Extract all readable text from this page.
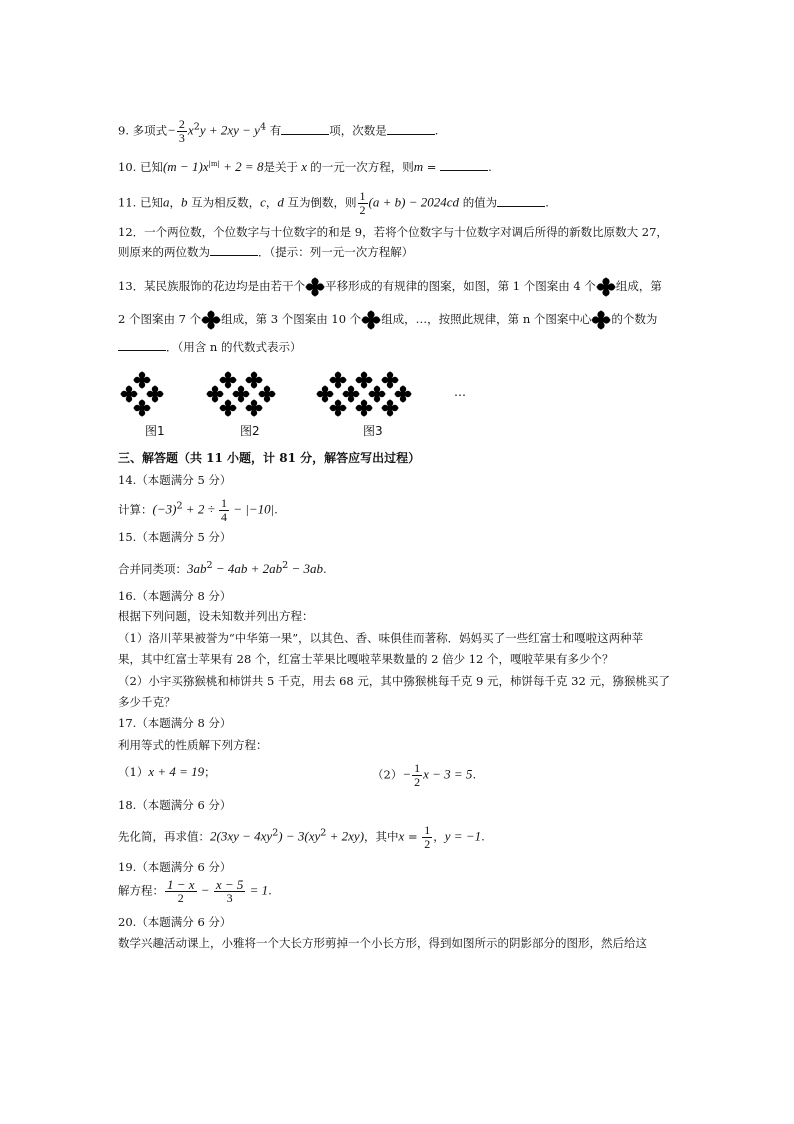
9. 多项式− $\frac{2}{3} x^2y + 2xy - y^4$ 有	项，次数是	.
10. 已知$(m - 1)x^{|m|} + 2 = 8$是关于 x 的一元一次方程，则m =	.
11. 已知a，b 互为相反数，c，d 互为倒数，则 $\frac{1}{2} (a + b) - 2024cd$ 的值为	.
12．一个两位数，个位数字与十位数字的和是 9，若将个位数字与十位数字对调后所得的新数比原数大 27，
则原来的两位数为	．（提示：列一元一次方程解）
13．某民族服饰的花边均是由若干个 平移形成的有规律的图案，如图，第 1 个图案由 4 个 组成，第
2 个图案由 7 个 组成，第 3 个图案由 10 个 组成，…，按照此规律，第 n 个图案中心 的个数为
．（用含 n 的代数式表示）
…
图1	图2	图3
三、解答题（共 11 小题，计 81 分，解答应写出过程）
14.（本题满分 5 分）
计算：$(-3)^2 + 2 \div \frac{1}{4} - |-10|$.
15.（本题满分 5 分）
合并同类项：$3ab^2 - 4ab + 2ab^2 - 3ab$.
16.（本题满分 8 分）
根据下列问题，设未知数并列出方程：
（1）洛川苹果被誉为“中华第一果”，以其色、香、味俱佳而著称．妈妈买了一些红富士和嘎啦这两种苹
果，其中红富士苹果有 28 个，红富士苹果比嘎啦苹果数量的 2 倍少 12 个，嘎啦苹果有多少个？
（2）小宇买猕猴桃和柿饼共 5 千克，用去 68 元，其中猕猴桃每千克 9 元，柿饼每千克 32 元，猕猴桃买了
多少千克？
17.（本题满分 8 分）
利用等式的性质解下列方程：
（1）x + 4 = 19；	$(2)- \frac{1}{2}$ x − 3 = 5.
18.（本题满分 6 分）
先化简，再求值：$2(3xy - 4xy^2) - 3(xy^2 + 2xy)$，其中$x = \frac{1}{2}$ ，y = −1.
19.（本题满分 6 分）
解方程： $\frac{1 - x}{2} - \frac{x - 5}{3} = 1$.
20.（本题满分 6 分）
数学兴趣活动课上，小雅将一个大长方形剪掉一个小长方形，得到如图所示的阴影部分的图形，然后给这
